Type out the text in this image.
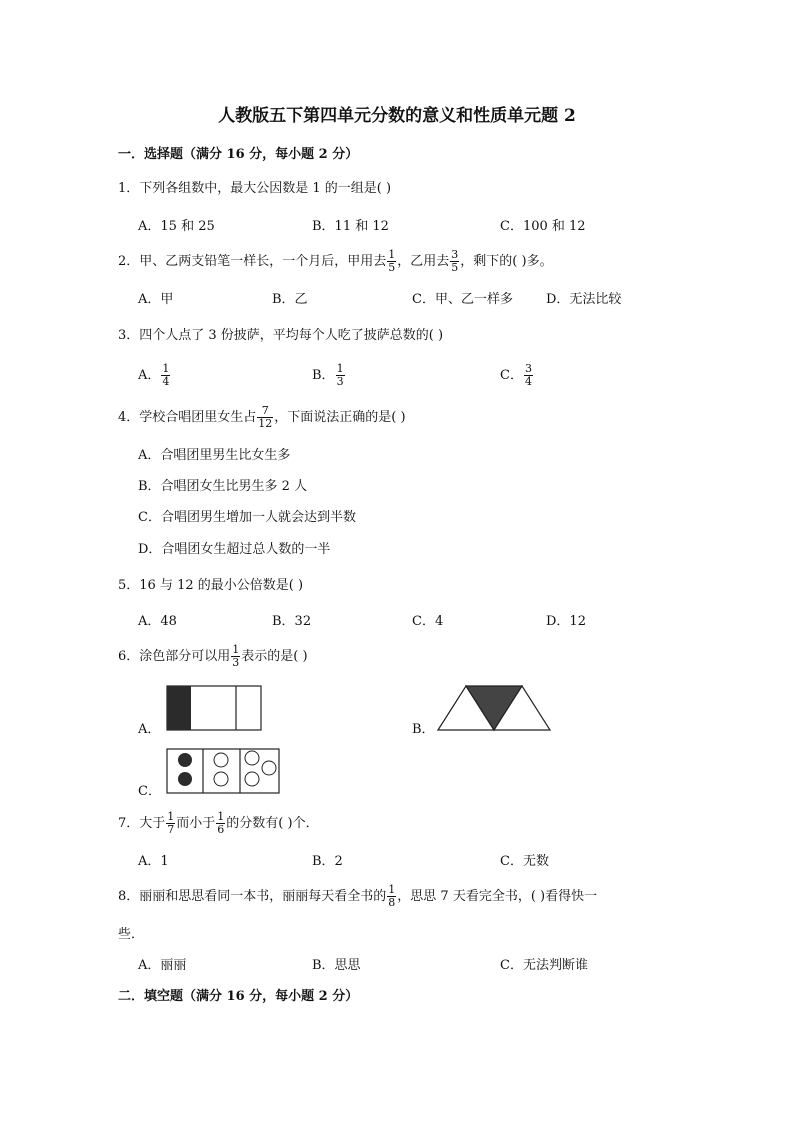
人教版五下第四单元分数的意义和性质单元题 2
一．选择题（满分 16 分，每小题 2 分）
1．下列各组数中，最大公因数是 1 的一组是( )
A．15 和 25	B．11 和 12	C．100 和 12
2．甲、乙两支铅笔一样长，一个月后，甲用去 $\frac{1}{5}$ ，乙用去 $\frac{3}{5}$ ，剩下的( )多。
A．甲	B．乙	C．甲、乙一样多	D．无法比较
3．四个人点了 3 份披萨，平均每个人吃了披萨总数的( )
A． $\frac{1}{4}$	B． $\frac{1}{3}$	C． $\frac{3}{4}$
4．学校合唱团里女生占 $\frac{7}{12}$ ，下面说法正确的是( )
A．合唱团里男生比女生多
B．合唱团女生比男生多 2 人
C．合唱团男生增加一人就会达到半数
D．合唱团女生超过总人数的一半
5．16 与 12 的最小公倍数是( )
A．48	B．32	C．4	D．12
6．涂色部分可以用 $\frac{1}{3}$ 表示的是( )
A．	B．
C．
7．大于 $\frac{1}{7}$ 而小于 $\frac{1}{6}$ 的分数有( )个．
A．1	B．2	C．无数
8．丽丽和思思看同一本书，丽丽每天看全书的 $\frac{1}{8}$ ，思思 7 天看完全书，( )看得快一
些．
A．丽丽	B．思思	C．无法判断谁
二．填空题（满分 16 分，每小题 2 分）
